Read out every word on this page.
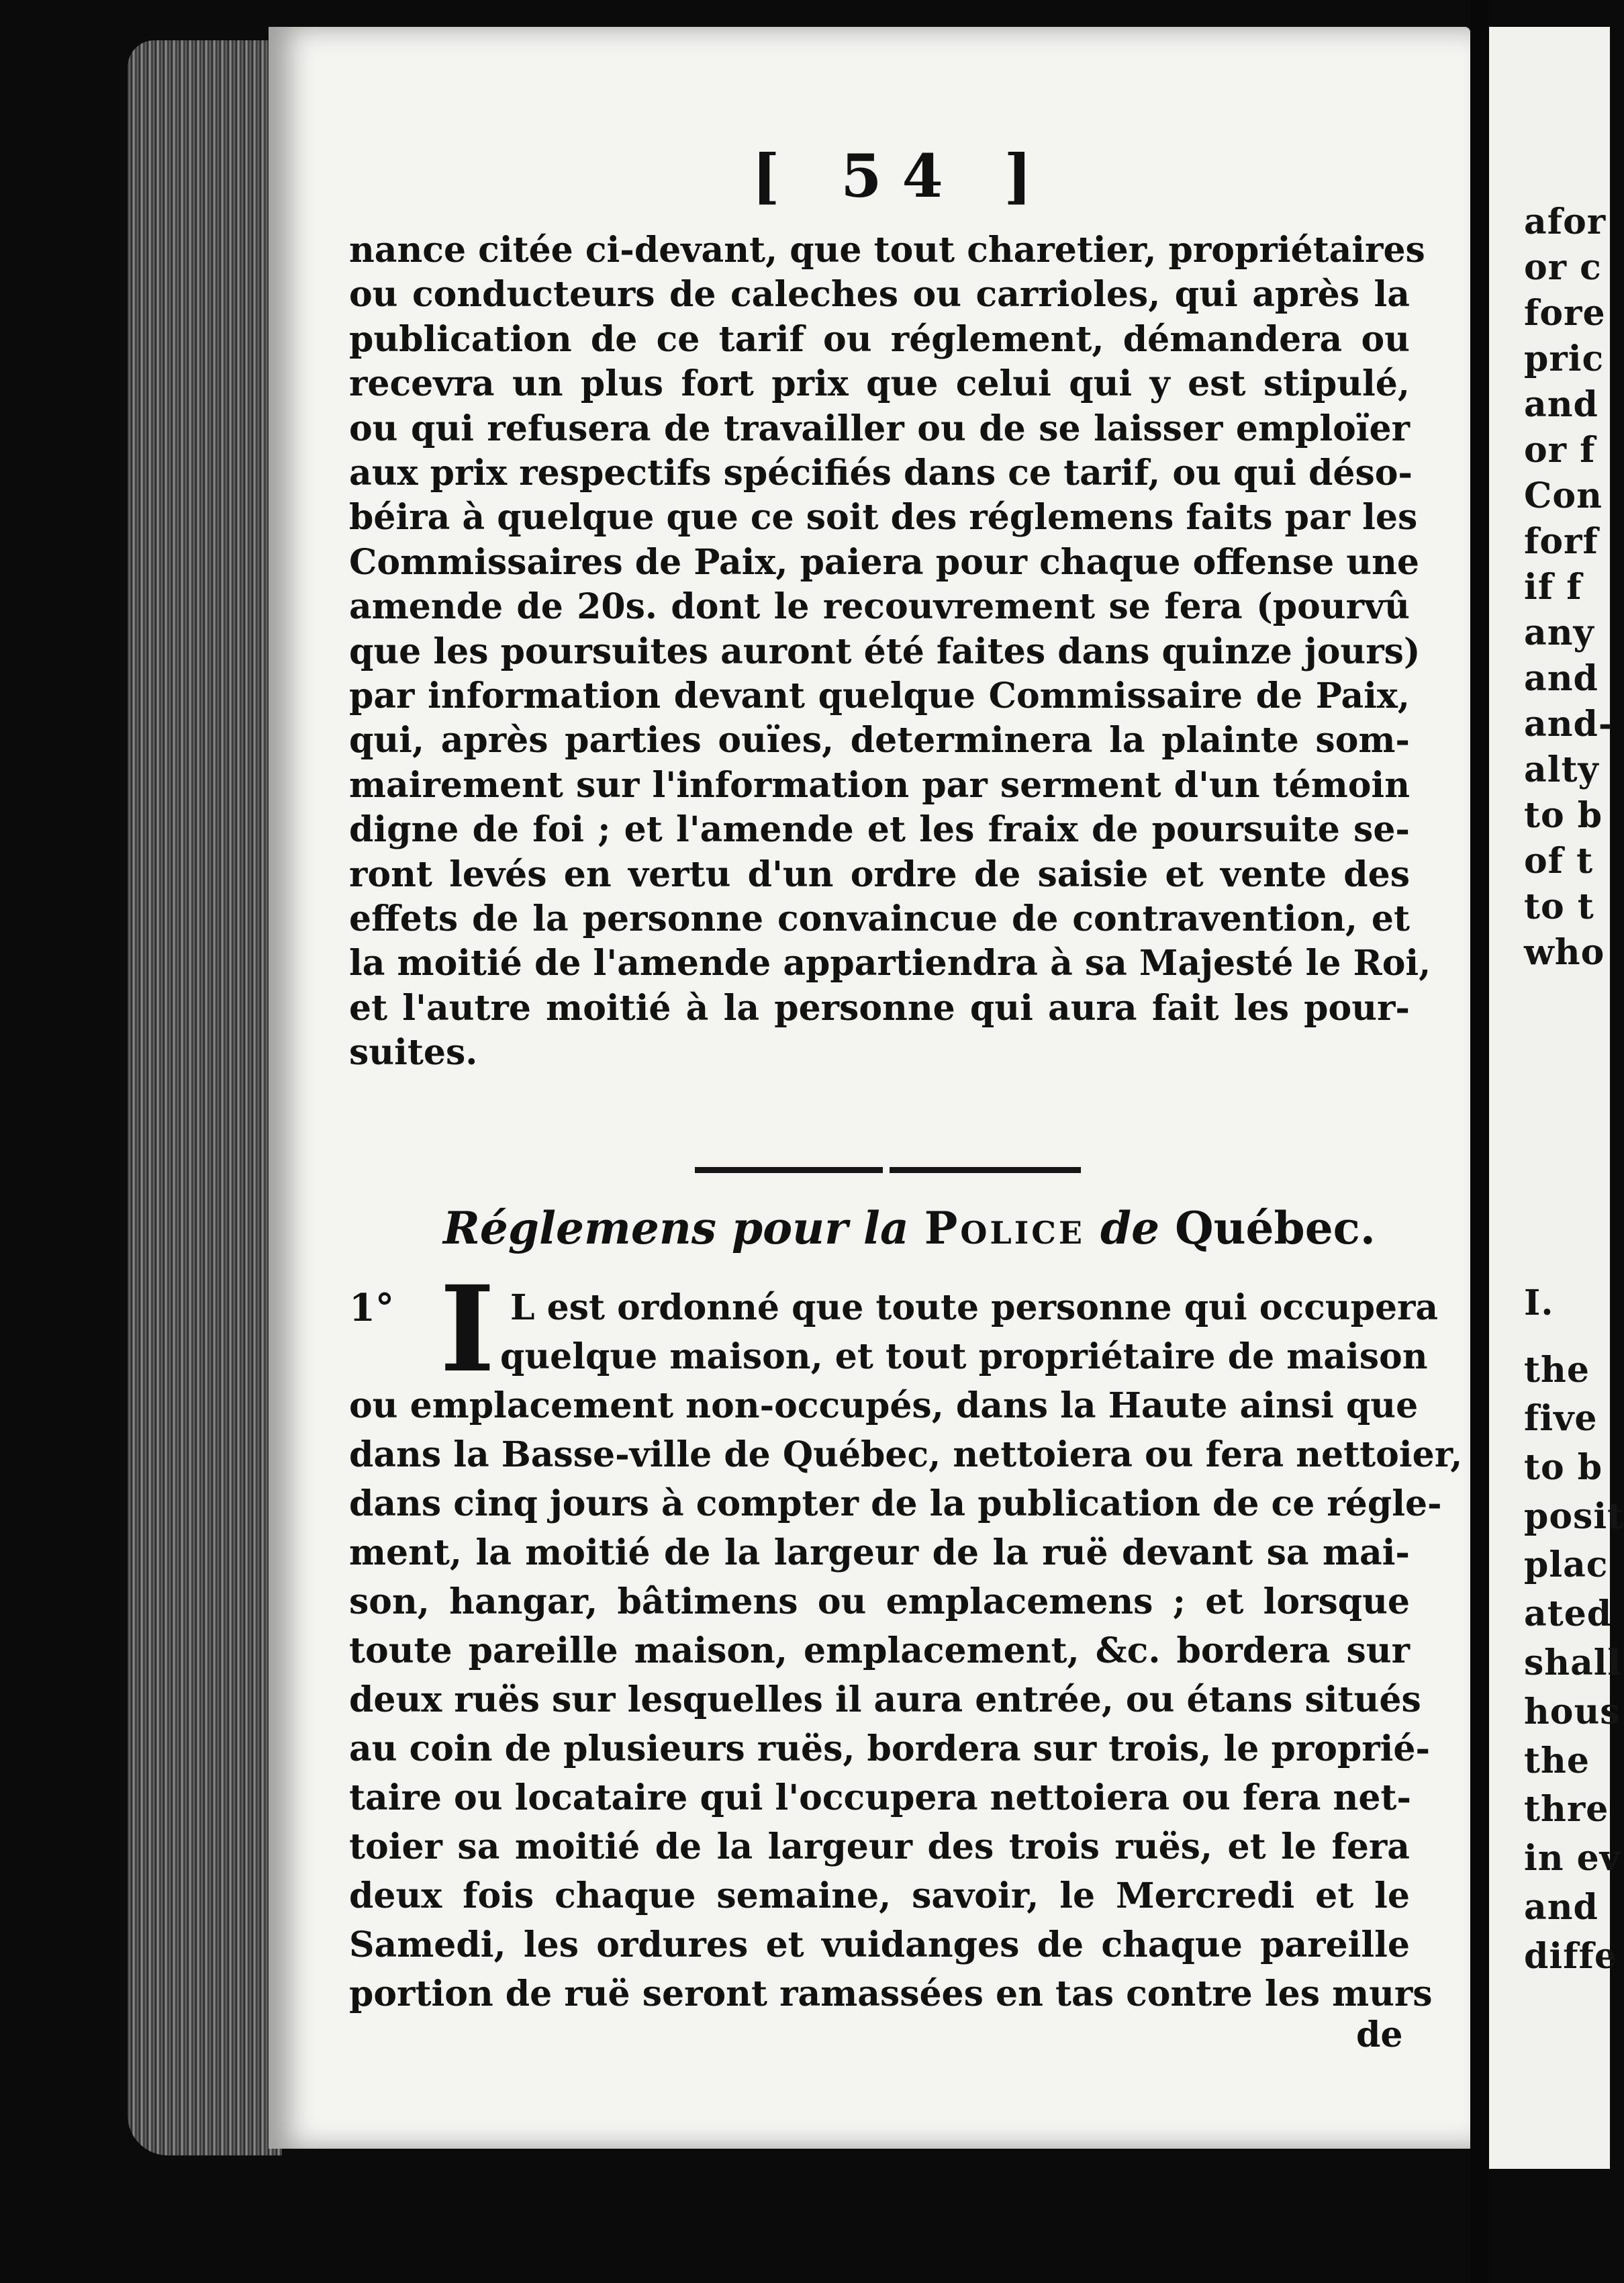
afor
or c
fore
pric
and
or f
Con
forf
if f
any
and
and-
alty
to b
of t
to t
who
I.
the
five
to b
posit
plac
ated
shall
hous
the
thre
in ev
and
diffe
[ 54 ]
nance citée ci-devant, que tout charetier, propriétaires
ou conducteurs de caleches ou carrioles, qui après la
publication de ce tarif ou réglement, démandera ou
recevra un plus fort prix que celui qui y est stipulé,
ou qui refusera de travailler ou de se laisser emploïer
aux prix respectifs spécifiés dans ce tarif, ou qui déso-
béira à quelque que ce soit des réglemens faits par les
Commissaires de Paix, paiera pour chaque offense une
amende de 20s. dont le recouvrement se fera (pourvû
que les poursuites auront été faites dans quinze jours)
par information devant quelque Commissaire de Paix,
qui, après parties ouïes, determinera la plainte som-
mairement sur l'information par serment d'un témoin
digne de foi ; et l'amende et les fraix de poursuite se-
ront levés en vertu d'un ordre de saisie et vente des
effets de la personne convaincue de contravention, et
la moitié de l'amende appartiendra à sa Majesté le Roi,
et l'autre moitié à la personne qui aura fait les pour-
suites.
Réglemens pour la Police de Québec.
1° I L est ordonné que toute personne qui occupera
quelque maison, et tout propriétaire de maison
ou emplacement non-occupés, dans la Haute ainsi que
dans la Basse-ville de Québec, nettoiera ou fera nettoier,
dans cinq jours à compter de la publication de ce régle-
ment, la moitié de la largeur de la ruë devant sa mai-
son, hangar, bâtimens ou emplacemens ; et lorsque
toute pareille maison, emplacement, &c. bordera sur
deux ruës sur lesquelles il aura entrée, ou étans situés
au coin de plusieurs ruës, bordera sur trois, le proprié-
taire ou locataire qui l'occupera nettoiera ou fera net-
toier sa moitié de la largeur des trois ruës, et le fera
deux fois chaque semaine, savoir, le Mercredi et le
Samedi, les ordures et vuidanges de chaque pareille
portion de ruë seront ramassées en tas contre les murs
de
